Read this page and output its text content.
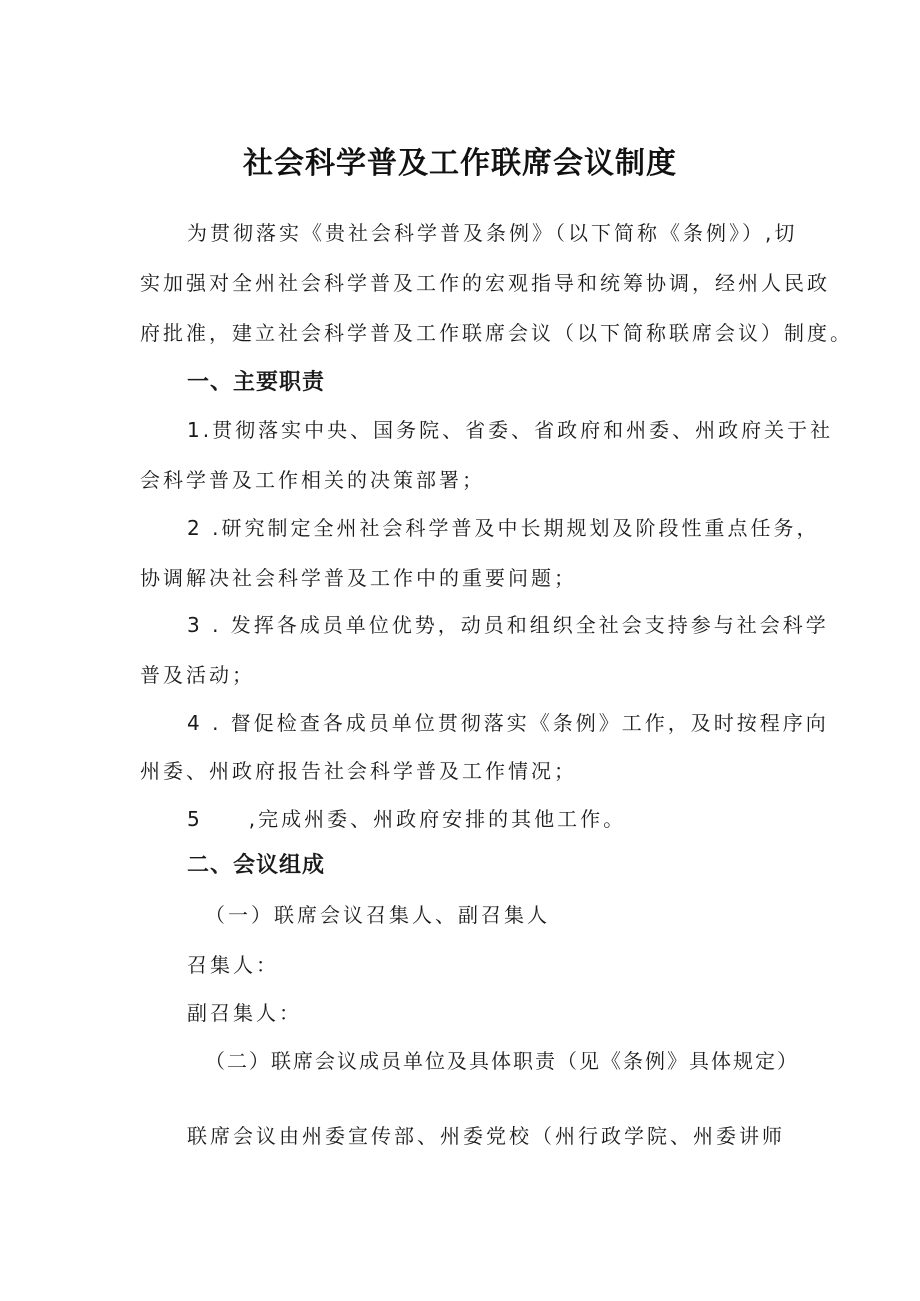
社会科学普及工作联席会议制度
为贯彻落实《贵社会科学普及条例》（以下简称《条例》）,切
实加强对全州社会科学普及工作的宏观指导和统筹协调，经州人民政
府批准，建立社会科学普及工作联席会议（以下简称联席会议）制度。
一、主要职责
1.贯彻落实中央、国务院、省委、省政府和州委、州政府关于社
会科学普及工作相关的决策部署；
2 .研究制定全州社会科学普及中长期规划及阶段性重点任务，
协调解决社会科学普及工作中的重要问题；
3 . 发挥各成员单位优势，动员和组织全社会支持参与社会科学
普及活动；
4 . 督促检查各成员单位贯彻落实《条例》工作，及时按程序向
州委、州政府报告社会科学普及工作情况；
5　　,完成州委、州政府安排的其他工作。
二、会议组成
（一）联席会议召集人、副召集人
召集人：
副召集人：
（二）联席会议成员单位及具体职责（见《条例》具体规定）
联席会议由州委宣传部、州委党校（州行政学院、州委讲师
